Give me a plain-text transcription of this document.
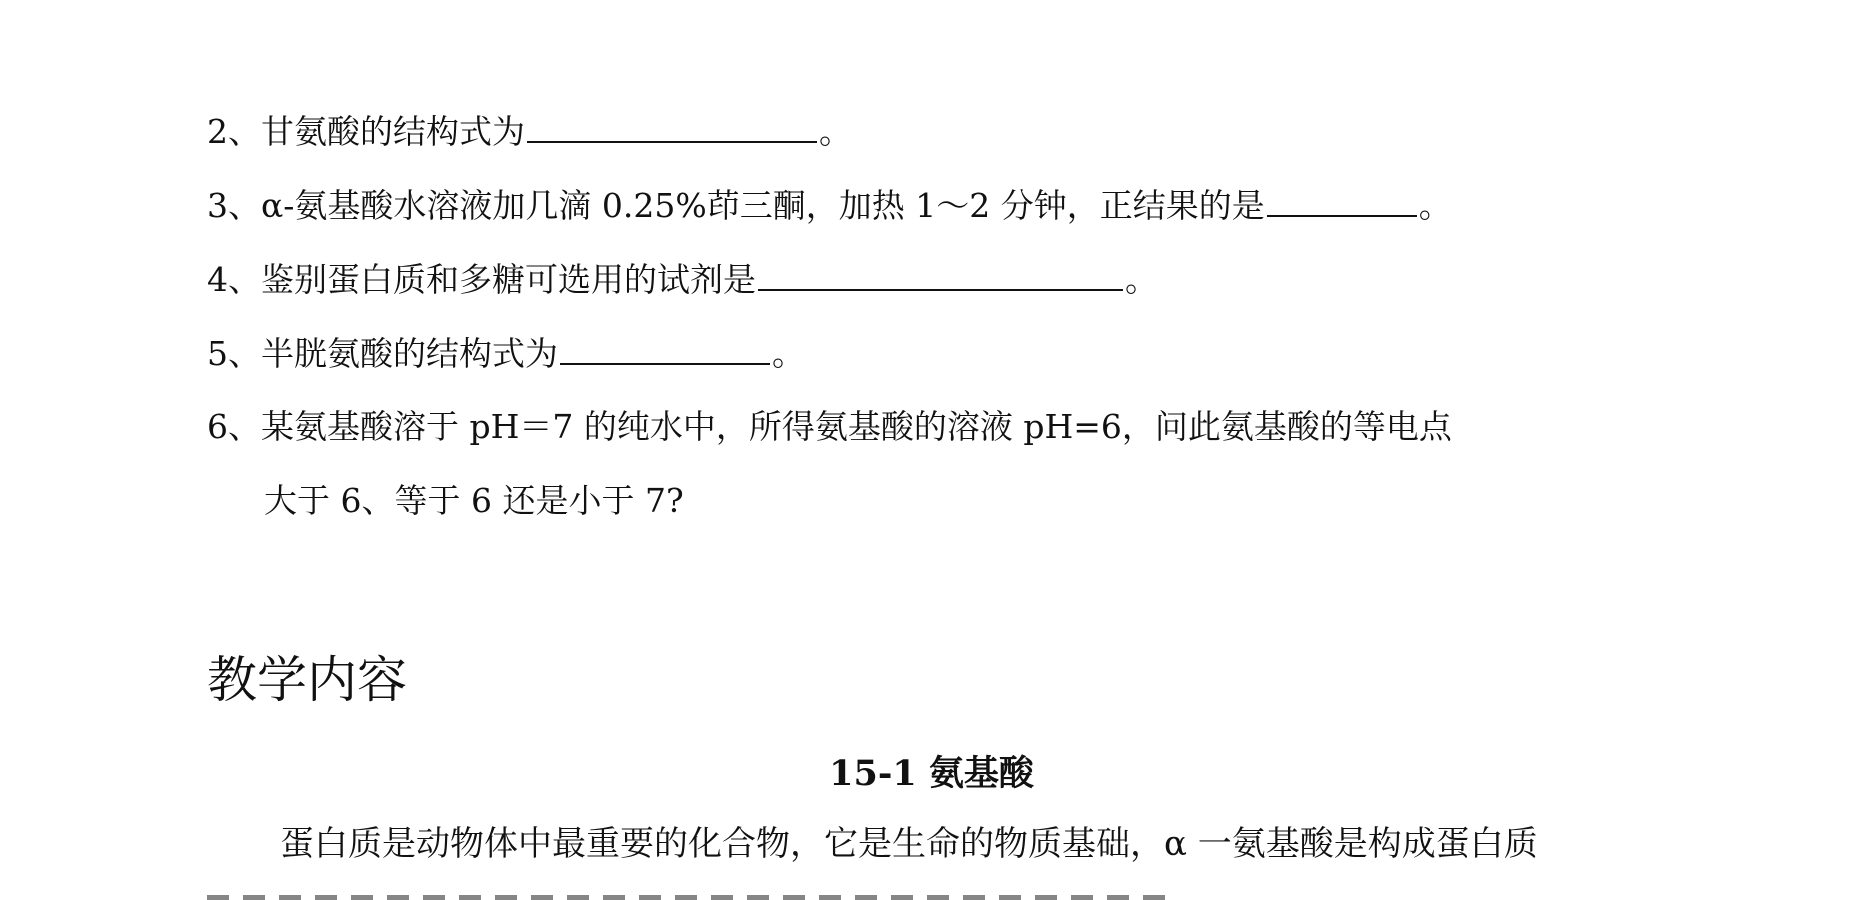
2、甘氨酸的结构式为	。
3、α-氨基酸水溶液加几滴 0.25%茚三酮，加热 1～2 分钟，正结果的是	。
4、鉴别蛋白质和多糖可选用的试剂是	。
5、半胱氨酸的结构式为	。
6、某氨基酸溶于 pH＝7 的纯水中，所得氨基酸的溶液 pH=6，问此氨基酸的等电点
大于 6、等于 6 还是小于 7?
教学内容
15-1 氨基酸
蛋白质是动物体中最重要的化合物，它是生命的物质基础，α 一氨基酸是构成蛋白质
